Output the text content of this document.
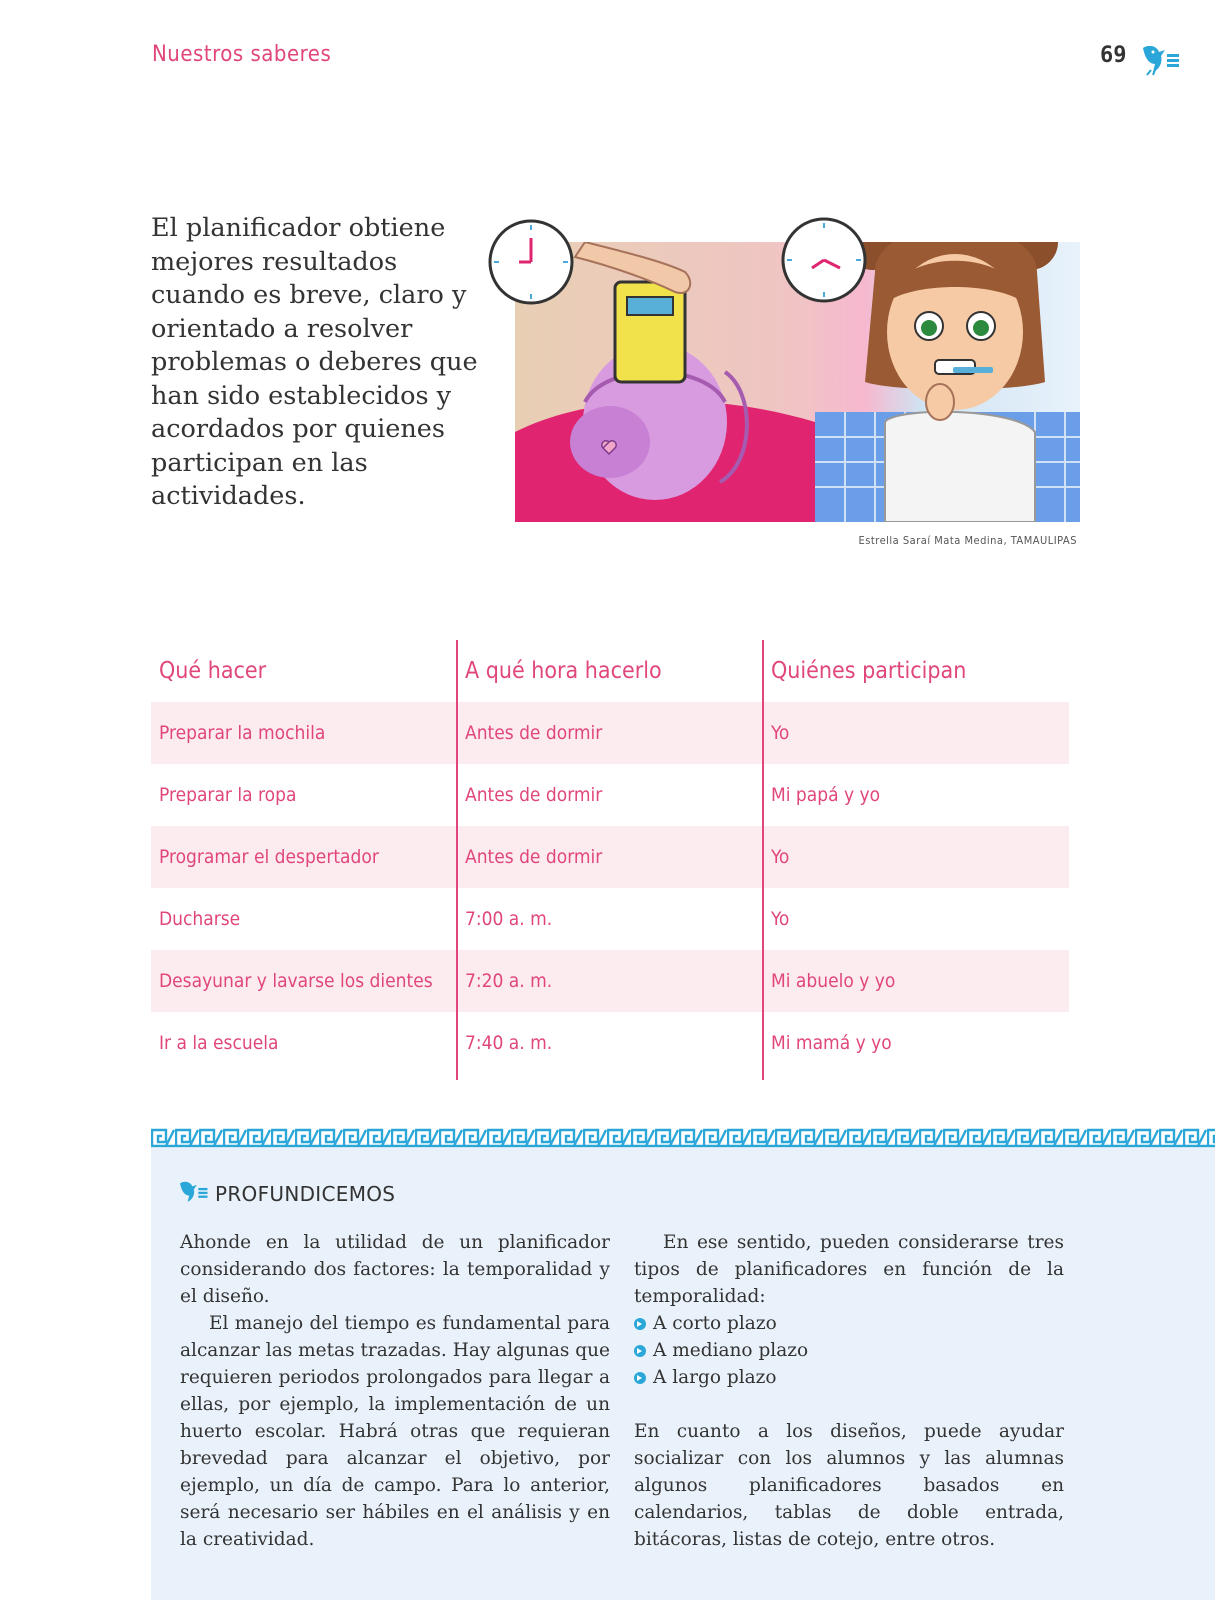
Nuestros saberes	69
El planificador obtiene mejores resultados cuando es breve, claro y orientado a resolver problemas o deberes que han sido establecidos y acordados por quienes participan en las actividades.
Estrella Saraí Mata Medina, TAMAULIPAS
Qué hacer	A qué hora hacerlo	Quiénes participan
Preparar la mochila	Antes de dormir	Yo
Preparar la ropa	Antes de dormir	Mi papá y yo
Programar el despertador	Antes de dormir	Yo
Ducharse	7:00 a. m.	Yo
Desayunar y lavarse los dientes	7:20 a. m.	Mi abuelo y yo
Ir a la escuela	7:40 a. m.	Mi mamá y yo
PROFUNDICEMOS

Ahonde en la utilidad de un planificador considerando dos factores: la temporalidad y el diseño.

El manejo del tiempo es fundamental para alcanzar las metas trazadas. Hay algunas que requieren periodos prolongados para llegar a ellas, por ejemplo, la implementación de un huerto escolar. Habrá otras que requieran brevedad para alcanzar el objetivo, por ejemplo, un día de campo. Para lo anterior, será necesario ser hábiles en el análisis y en la creatividad.

En ese sentido, pueden considerarse tres tipos de planificadores en función de la temporalidad:

A corto plazo
A mediano plazo
A largo plazo

En cuanto a los diseños, puede ayudar socializar con los alumnos y las alumnas algunos planificadores basados en calendarios, tablas de doble entrada, bitácoras, listas de cotejo, entre otros.
